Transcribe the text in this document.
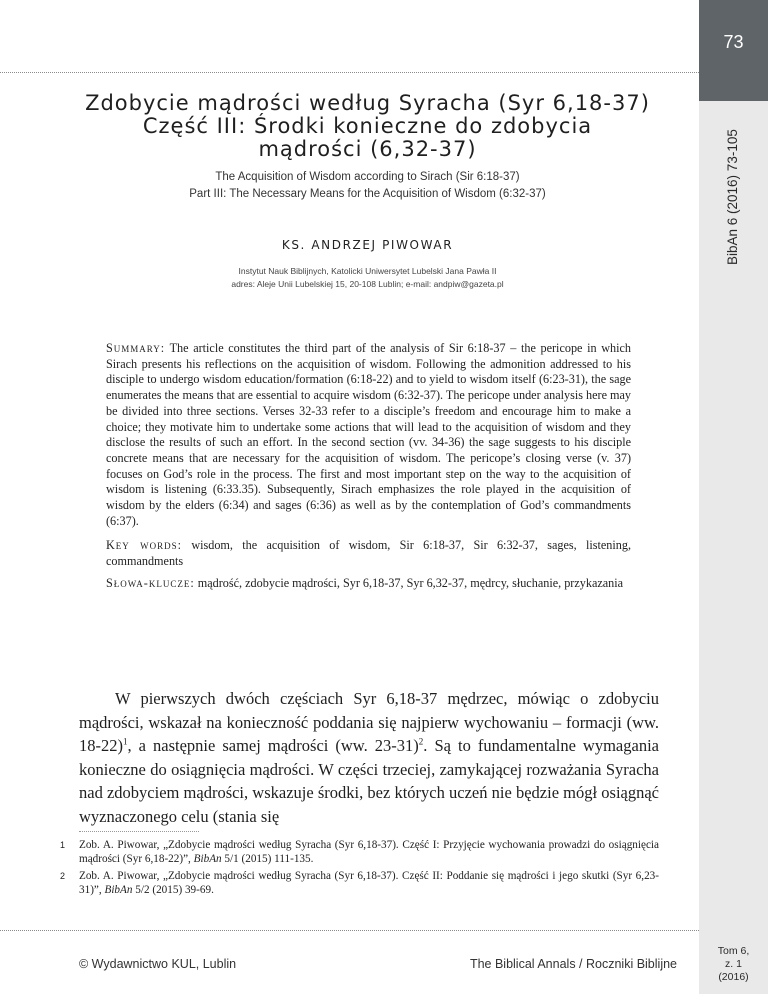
73
BibAn 6 (2016) 73-105
Tom 6,
z. 1
(2016)
Zdobycie mądrości według Syracha (Syr 6,18-37)
Część III: Środki konieczne do zdobycia
mądrości (6,32-37)
The Acquisition of Wisdom according to Sirach (Sir 6:18-37)
Part III: The Necessary Means for the Acquisition of Wisdom (6:32-37)
KS. ANDRZEJ PIWOWAR
Instytut Nauk Biblijnych, Katolicki Uniwersytet Lubelski Jana Pawła II
adres: Aleje Unii Lubelskiej 15, 20-108 Lublin; e-mail: andpiw@gazeta.pl

Summary: The article constitutes the third part of the analysis of Sir 6:18-37 – the pericope in which Sirach presents his reflections on the acquisition of wisdom. Following the admonition addressed to his disciple to undergo wisdom education/formation (6:18-22) and to yield to wisdom itself (6:23-31), the sage enumerates the means that are essential to acquire wisdom (6:32-37). The pericope under analysis here may be divided into three sections. Verses 32-33 refer to a disciple’s freedom and encourage him to make a choice; they motivate him to undertake some actions that will lead to the acquisition of wisdom and they disclose the results of such an effort. In the second section (vv. 34-36) the sage suggests to his disciple concrete means that are necessary for the acquisition of wisdom. The pericope’s closing verse (v. 37) focuses on God’s role in the process. The first and most important step on the way to the acquisition of wisdom is listening (6:33.35). Subsequently, Sirach emphasizes the role played in the acquisition of wisdom by the elders (6:34) and sages (6:36) as well as by the contemplation of God’s commandments (6:37).

Key words: wisdom, the acquisition of wisdom, Sir 6:18-37, Sir 6:32-37, sages, listening, commandments

Słowa-klucze: mądrość, zdobycie mądrości, Syr 6,18-37, Syr 6,32-37, mędrcy, słuchanie, przykazania

W pierwszych dwóch częściach Syr 6,18-37 mędrzec, mówiąc o zdobyciu mądrości, wskazał na konieczność poddania się najpierw wychowaniu – formacji (ww. 18-22)$^1$, a następnie samej mądrości (ww. 23-31)$^2$. Są to fundamentalne wymagania konieczne do osiągnięcia mądrości. W części trzeciej, zamykającej rozważania Syracha nad zdobyciem mądrości, wskazuje środki, bez których uczeń nie będzie mógł osiągnąć wyznaczonego celu (stania się

1 Zob. A. Piwowar, „Zdobycie mądrości według Syracha (Syr 6,18-37). Część I: Przyjęcie wychowania prowadzi do osiągnięcia mądrości (Syr 6,18-22)”, BibAn 5/1 (2015) 111-135.
2 Zob. A. Piwowar, „Zdobycie mądrości według Syracha (Syr 6,18-37). Część II: Poddanie się mądrości i jego skutki (Syr 6,23-31)”, BibAn 5/2 (2015) 39-69.
© Wydawnictwo KUL, Lublin	The Biblical Annals / Roczniki Biblijne
